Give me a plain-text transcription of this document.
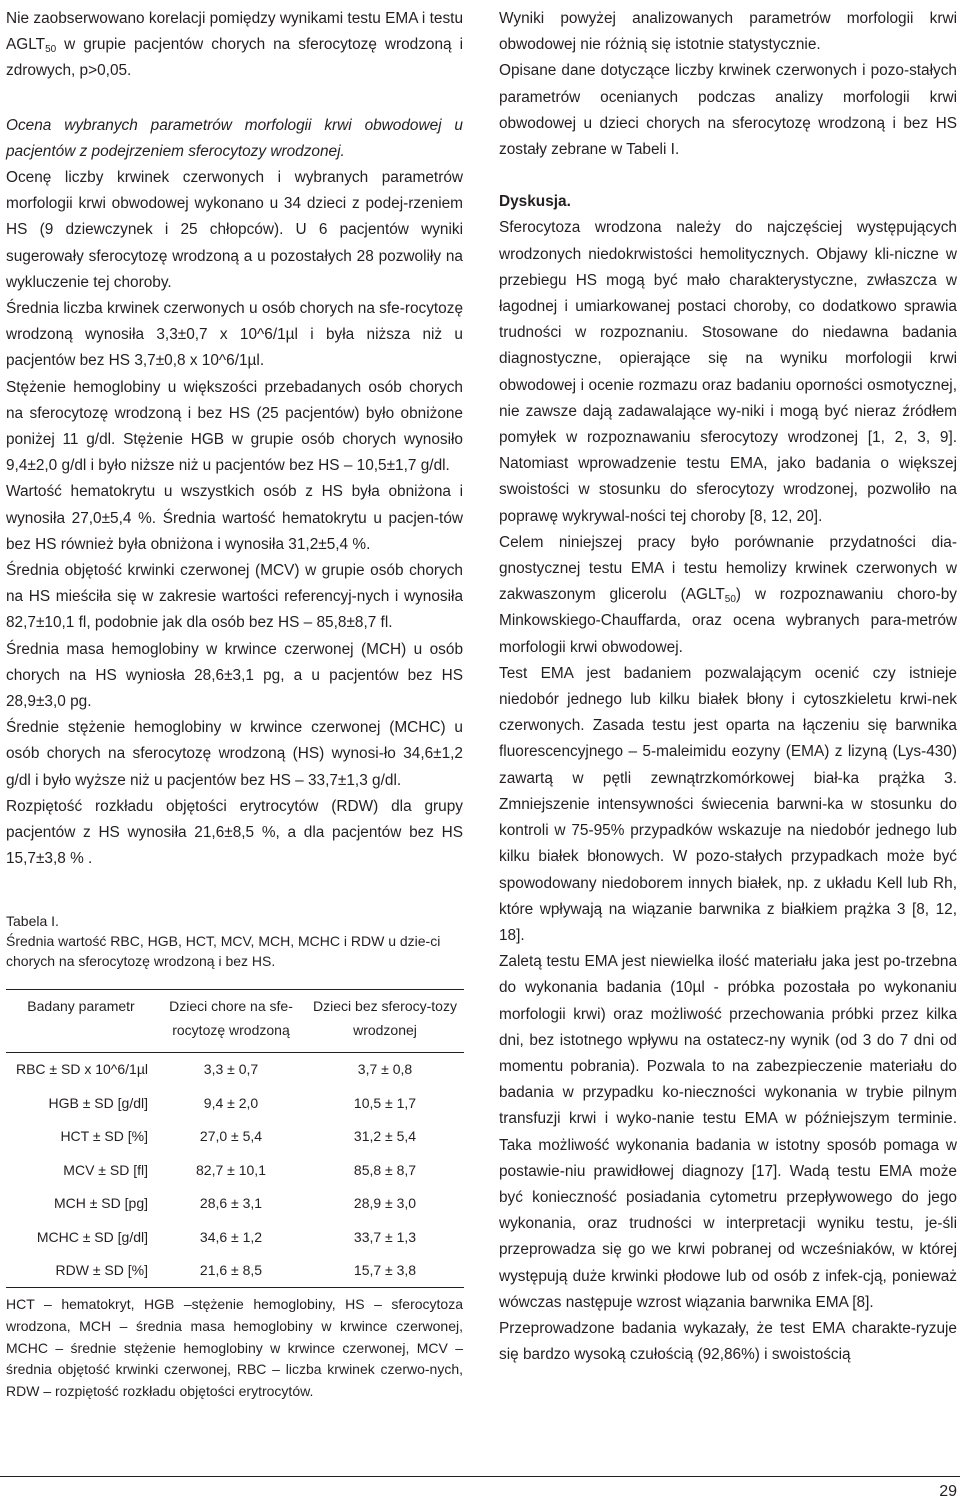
Nie zaobserwowano korelacji pomiędzy wynikami testu EMA i testu $AGLT_{50}$ w grupie pacjentów chorych na sferocytozę wrodzoną i zdrowych, p>0,05.

Ocena wybranych parametrów morfologii krwi obwodowej u pacjentów z podejrzeniem sferocytozy wrodzonej.

Ocenę liczby krwinek czerwonych i wybranych parametrów morfologii krwi obwodowej wykonano u 34 dzieci z podej-rzeniem HS (9 dziewczynek i 25 chłopców). U 6 pacjentów wyniki sugerowały sferocytozę wrodzoną a u pozostałych 28 pozwoliły na wykluczenie tej choroby.

Średnia liczba krwinek czerwonych u osób chorych na sfe-rocytozę wrodzoną wynosiła 3,3±0,7 x 10^6/1µl i była niższa niż u pacjentów bez HS 3,7±0,8 x 10^6/1µl.

Stężenie hemoglobiny u większości przebadanych osób chorych na sferocytozę wrodzoną i bez HS (25 pacjentów) było obniżone poniżej 11 g/dl. Stężenie HGB w grupie osób chorych wynosiło 9,4±2,0 g/dl i było niższe niż u pacjentów bez HS – 10,5±1,7 g/dl.

Wartość hematokrytu u wszystkich osób z HS była obniżona i wynosiła 27,0±5,4 %. Średnia wartość hematokrytu u pacjen-tów bez HS również była obniżona i wynosiła 31,2±5,4 %.

Średnia objętość krwinki czerwonej (MCV) w grupie osób chorych na HS mieściła się w zakresie wartości referencyj-nych i wynosiła 82,7±10,1 fl, podobnie jak dla osób bez HS – 85,8±8,7 fl.

Średnia masa hemoglobiny w krwince czerwonej (MCH) u osób chorych na HS wyniosła 28,6±3,1 pg, a u pacjentów bez HS 28,9±3,0 pg.

Średnie stężenie hemoglobiny w krwince czerwonej (MCHC) u osób chorych na sferocytozę wrodzoną (HS) wynosi-ło 34,6±1,2 g/dl i było wyższe niż u pacjentów bez HS – 33,7±1,3 g/dl.

Rozpiętość rozkładu objętości erytrocytów (RDW) dla grupy pacjentów z HS wynosiła 21,6±8,5 %, a dla pacjentów bez HS 15,7±3,8 % .

Tabela I.

Średnia wartość RBC, HGB, HCT, MCV, MCH, MCHC i RDW u dzie-ci chorych na sferocytozę wrodzoną i bez HS.

Badany parametr	Dzieci chore na sfe-rocytozę wrodzoną	Dzieci bez sferocy-tozy wrodzonej
RBC ± SD x 10^6/1µl	3,3 ± 0,7	3,7 ± 0,8
HGB ± SD [g/dl]	9,4 ± 2,0	10,5 ± 1,7
HCT ± SD [%]	27,0 ± 5,4	31,2 ± 5,4
MCV ± SD [fl]	82,7 ± 10,1	85,8 ± 8,7
MCH ± SD [pg]	28,6 ± 3,1	28,9 ± 3,0
MCHC ± SD [g/dl]	34,6 ± 1,2	33,7 ± 1,3
RDW ± SD [%]	21,6 ± 8,5	15,7 ± 3,8

HCT – hematokryt, HGB –stężenie hemoglobiny, HS – sferocytoza wrodzona, MCH – średnia masa hemoglobiny w krwince czerwonej, MCHC – średnie stężenie hemoglobiny w krwince czerwonej, MCV – średnia objętość krwinki czerwonej, RBC – liczba krwinek czerwo-nych, RDW – rozpiętość rozkładu objętości erytrocytów.

Wyniki powyżej analizowanych parametrów morfologii krwi obwodowej nie różnią się istotnie statystycznie.

Opisane dane dotyczące liczby krwinek czerwonych i pozo-stałych parametrów ocenianych podczas analizy morfologii krwi obwodowej u dzieci chorych na sferocytozę wrodzoną i bez HS zostały zebrane w Tabeli I.

Dyskusja.

Sferocytoza wrodzona należy do najczęściej występujących wrodzonych niedokrwistości hemolitycznych. Objawy kli-niczne w przebiegu HS mogą być mało charakterystyczne, zwłaszcza w łagodnej i umiarkowanej postaci choroby, co dodatkowo sprawia trudności w rozpoznaniu. Stosowane do niedawna badania diagnostyczne, opierające się na wyniku morfologii krwi obwodowej i ocenie rozmazu oraz badaniu oporności osmotycznej, nie zawsze dają zadawalające wy-niki i mogą być nieraz źródłem pomyłek w rozpoznawaniu sferocytozy wrodzonej [1, 2, 3, 9]. Natomiast wprowadzenie testu EMA, jako badania o większej swoistości w stosunku do sferocytozy wrodzonej, pozwoliło na poprawę wykrywal-ności tej choroby [8, 12, 20].

Celem niniejszej pracy było porównanie przydatności dia-gnostycznej testu EMA i testu hemolizy krwinek czerwonych w zakwaszonym glicerolu $(AGLT_{50})$ w rozpoznawaniu choro-by Minkowskiego-Chauffarda, oraz ocena wybranych para-metrów morfologii krwi obwodowej.

Test EMA jest badaniem pozwalającym ocenić czy istnieje niedobór jednego lub kilku białek błony i cytoszkieletu krwi-nek czerwonych. Zasada testu jest oparta na łączeniu się barwnika fluorescencyjnego – 5-maleimidu eozyny (EMA) z lizyną (Lys-430) zawartą w pętli zewnątrzkomórkowej biał-ka prążka 3. Zmniejszenie intensywności świecenia barwni-ka w stosunku do kontroli w 75-95% przypadków wskazuje na niedobór jednego lub kilku białek błonowych. W pozo-stałych przypadkach może być spowodowany niedoborem innych białek, np. z układu Kell lub Rh, które wpływają na wiązanie barwnika z białkiem prążka 3 [8, 12, 18].

Zaletą testu EMA jest niewielka ilość materiału jaka jest po-trzebna do wykonania badania (10µl - próbka pozostała po wykonaniu morfologii krwi) oraz możliwość przechowania próbki przez kilka dni, bez istotnego wpływu na ostatecz-ny wynik (od 3 do 7 dni od momentu pobrania). Pozwala to na zabezpieczenie materiału do badania w przypadku ko-nieczności wykonania w trybie pilnym transfuzji krwi i wyko-nanie testu EMA w późniejszym terminie. Taka możliwość wykonania badania w istotny sposób pomaga w postawie-niu prawidłowej diagnozy [17]. Wadą testu EMA może być konieczność posiadania cytometru przepływowego do jego wykonania, oraz trudności w interpretacji wyniku testu, je-śli przeprowadza się go we krwi pobranej od wcześniaków, w której występują duże krwinki płodowe lub od osób z infek-cją, ponieważ wówczas następuje wzrost wiązania barwnika EMA [8].

Przeprowadzone badania wykazały, że test EMA charakte-ryzuje się bardzo wysoką czułością (92,86%) i swoistością

29
